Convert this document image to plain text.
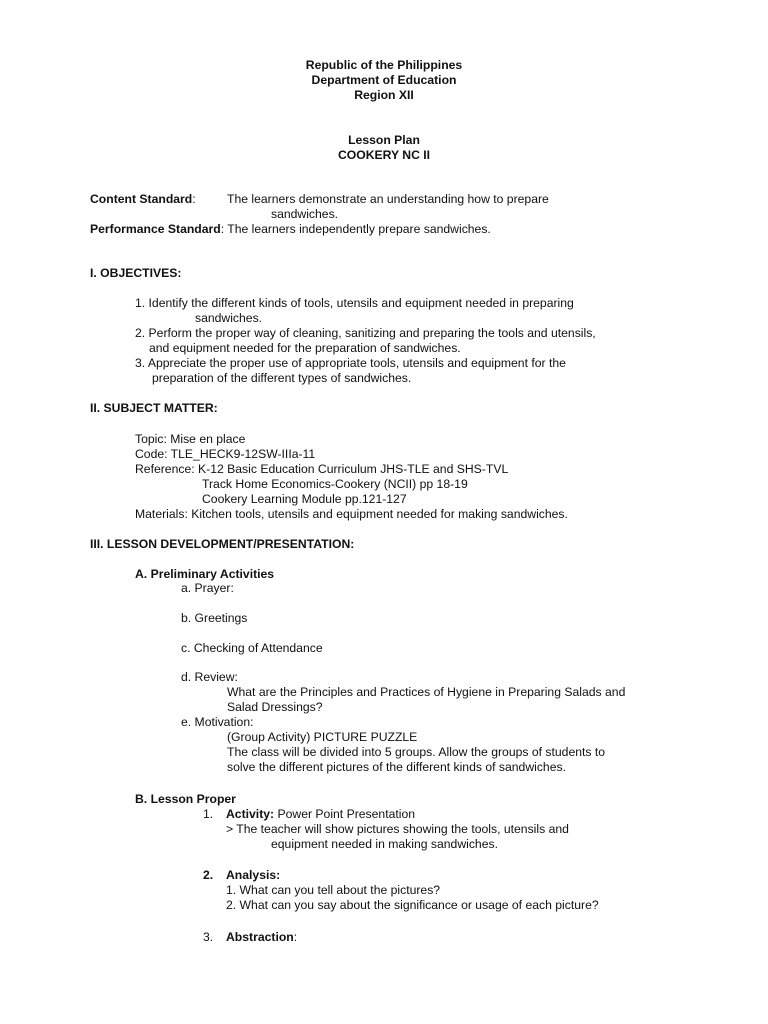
Republic of the Philippines
Department of Education
Region XII
Lesson Plan
COOKERY NC II
Content Standard:	The learners demonstrate an understanding how to prepare
sandwiches.
Performance Standard: The learners independently prepare sandwiches.
I. OBJECTIVES:
1. Identify the different kinds of tools, utensils and equipment needed in preparing
sandwiches.
2. Perform the proper way of cleaning, sanitizing and preparing the tools and utensils,
and equipment needed for the preparation of sandwiches.
3. Appreciate the proper use of appropriate tools, utensils and equipment for the
preparation of the different types of sandwiches.
II. SUBJECT MATTER:
Topic: Mise en place
Code: TLE_HECK9-12SW-IIIa-11
Reference: K-12 Basic Education Curriculum JHS-TLE and SHS-TVL
Track Home Economics-Cookery (NCII) pp 18-19
Cookery Learning Module pp.121-127
Materials: Kitchen tools, utensils and equipment needed for making sandwiches.
III. LESSON DEVELOPMENT/PRESENTATION:
A. Preliminary Activities
a. Prayer:
b. Greetings
c. Checking of Attendance
d. Review:
What are the Principles and Practices of Hygiene in Preparing Salads and
Salad Dressings?
e. Motivation:
(Group Activity) PICTURE PUZZLE
The class will be divided into 5 groups. Allow the groups of students to
solve the different pictures of the different kinds of sandwiches.
B. Lesson Proper
1. Activity: Power Point Presentation
> The teacher will show pictures showing the tools, utensils and
equipment needed in making sandwiches.
2. Analysis:
1. What can you tell about the pictures?
2. What can you say about the significance or usage of each picture?
3. Abstraction:
